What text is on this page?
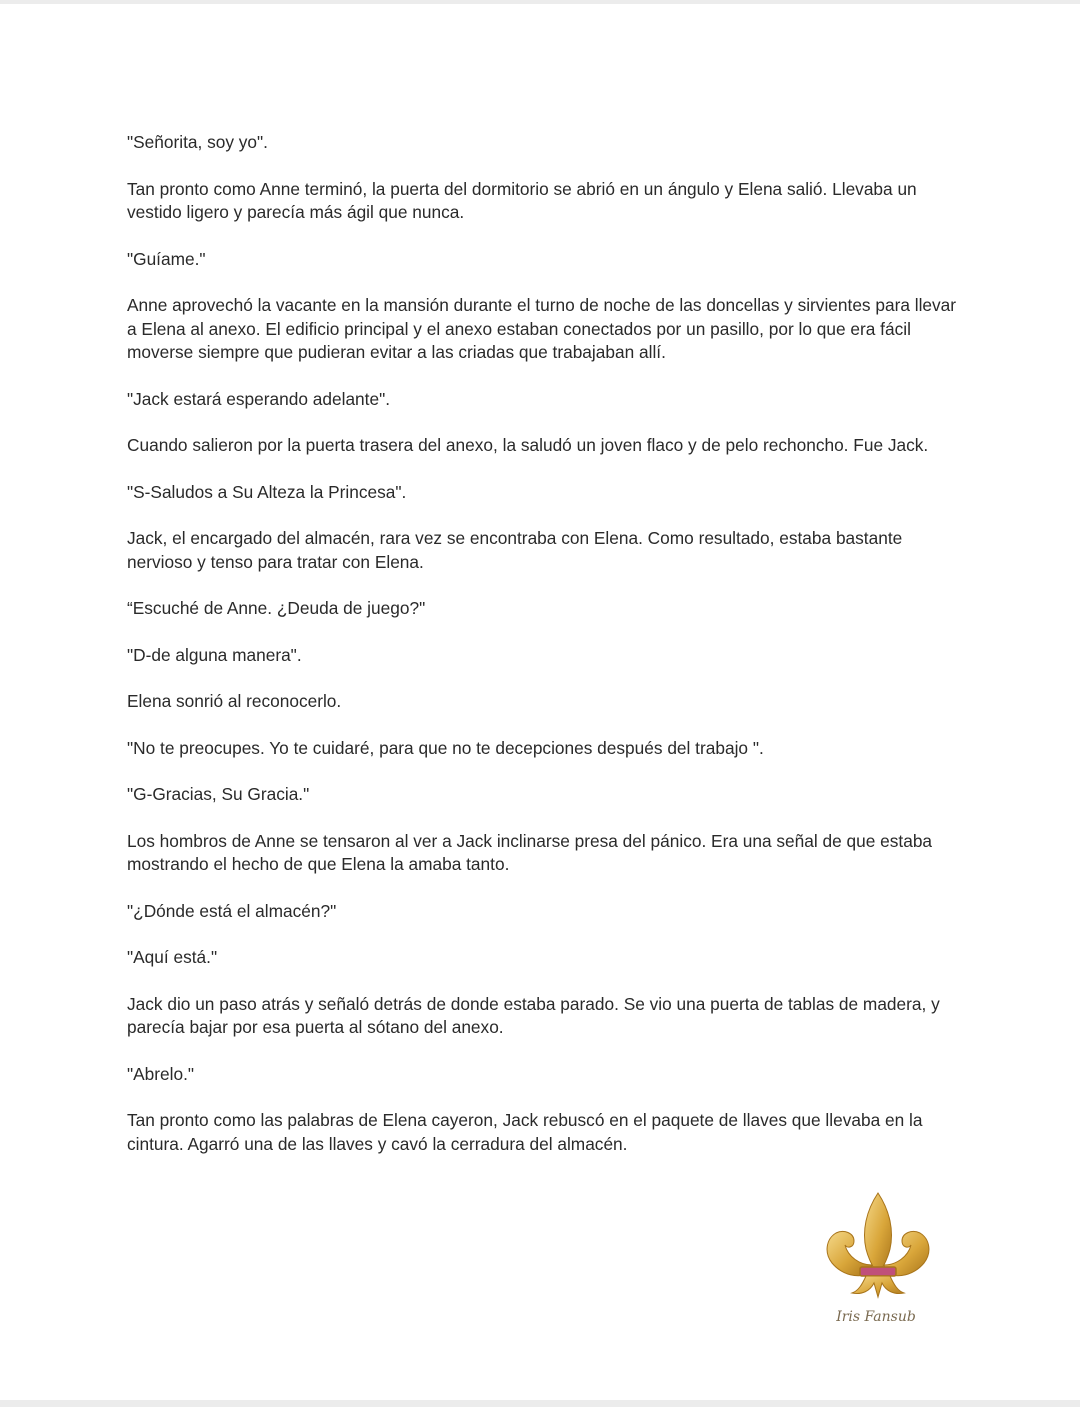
"Señorita, soy yo".

Tan pronto como Anne terminó, la puerta del dormitorio se abrió en un ángulo y Elena salió. Llevaba un vestido ligero y parecía más ágil que nunca.

"Guíame."

Anne aprovechó la vacante en la mansión durante el turno de noche de las doncellas y sirvientes para llevar a Elena al anexo. El edificio principal y el anexo estaban conectados por un pasillo, por lo que era fácil moverse siempre que pudieran evitar a las criadas que trabajaban allí.

"Jack estará esperando adelante".

Cuando salieron por la puerta trasera del anexo, la saludó un joven flaco y de pelo rechoncho. Fue Jack.

"S-Saludos a Su Alteza la Princesa".

Jack, el encargado del almacén, rara vez se encontraba con Elena. Como resultado, estaba bastante nervioso y tenso para tratar con Elena.

“Escuché de Anne. ¿Deuda de juego?"

"D-de alguna manera".

Elena sonrió al reconocerlo.

"No te preocupes. Yo te cuidaré, para que no te decepciones después del trabajo ".

"G-Gracias, Su Gracia."

Los hombros de Anne se tensaron al ver a Jack inclinarse presa del pánico. Era una señal de que estaba mostrando el hecho de que Elena la amaba tanto.

"¿Dónde está el almacén?"

"Aquí está."

Jack dio un paso atrás y señaló detrás de donde estaba parado. Se vio una puerta de tablas de madera, y parecía bajar por esa puerta al sótano del anexo.

"Abrelo."

Tan pronto como las palabras de Elena cayeron, Jack rebuscó en el paquete de llaves que llevaba en la cintura. Agarró una de las llaves y cavó la cerradura del almacén.

Iris Fansub
